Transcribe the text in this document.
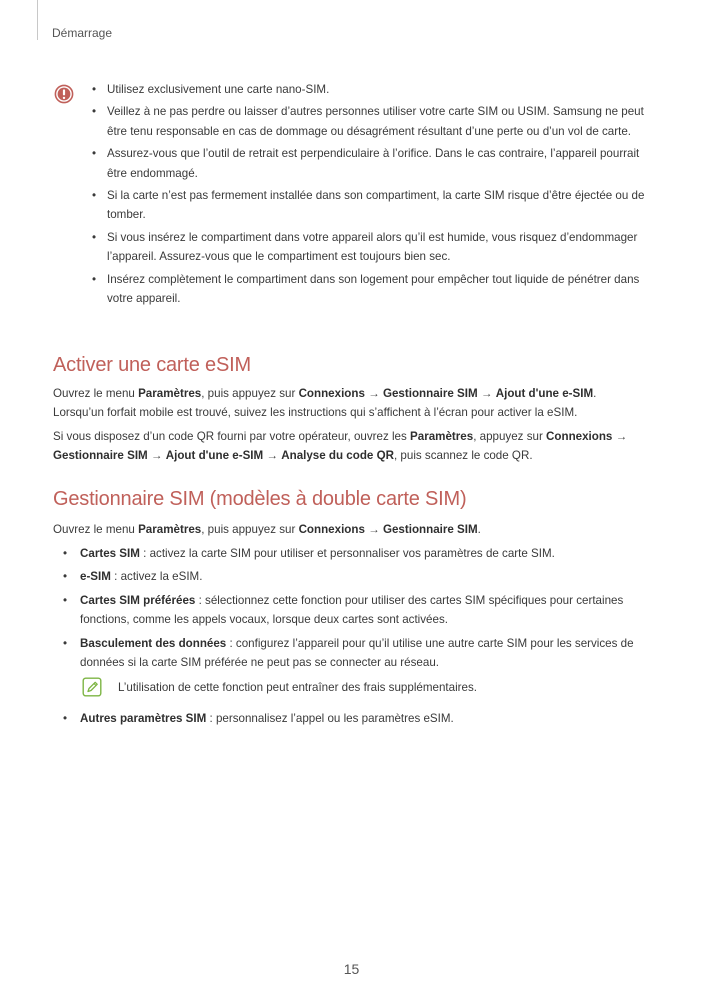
Démarrage
• Utilisez exclusivement une carte nano-SIM.
• Veillez à ne pas perdre ou laisser d’autres personnes utiliser votre carte SIM ou USIM. Samsung ne peut être tenu responsable en cas de dommage ou désagrément résultant d’une perte ou d’un vol de carte.
• Assurez-vous que l’outil de retrait est perpendiculaire à l’orifice. Dans le cas contraire, l’appareil pourrait être endommagé.
• Si la carte n’est pas fermement installée dans son compartiment, la carte SIM risque d’être éjectée ou de tomber.
• Si vous insérez le compartiment dans votre appareil alors qu’il est humide, vous risquez d’endommager l’appareil. Assurez-vous que le compartiment est toujours bien sec.
• Insérez complètement le compartiment dans son logement pour empêcher tout liquide de pénétrer dans votre appareil.
Activer une carte eSIM

Ouvrez le menu Paramètres, puis appuyez sur Connexions → Gestionnaire SIM → Ajout d'une e-SIM.
Lorsqu’un forfait mobile est trouvé, suivez les instructions qui s’affichent à l’écran pour activer la eSIM.

Si vous disposez d’un code QR fourni par votre opérateur, ouvrez les Paramètres, appuyez sur Connexions → Gestionnaire SIM → Ajout d'une e-SIM → Analyse du code QR, puis scannez le code QR.

Gestionnaire SIM (modèles à double carte SIM)

Ouvrez le menu Paramètres, puis appuyez sur Connexions → Gestionnaire SIM.

• Cartes SIM : activez la carte SIM pour utiliser et personnaliser vos paramètres de carte SIM.
• e-SIM : activez la eSIM.
• Cartes SIM préférées : sélectionnez cette fonction pour utiliser des cartes SIM spécifiques pour certaines fonctions, comme les appels vocaux, lorsque deux cartes sont activées.
• Basculement des données : configurez l’appareil pour qu’il utilise une autre carte SIM pour les services de données si la carte SIM préférée ne peut pas se connecter au réseau.

L’utilisation de cette fonction peut entraîner des frais supplémentaires.

• Autres paramètres SIM : personnalisez l’appel ou les paramètres eSIM.
15
